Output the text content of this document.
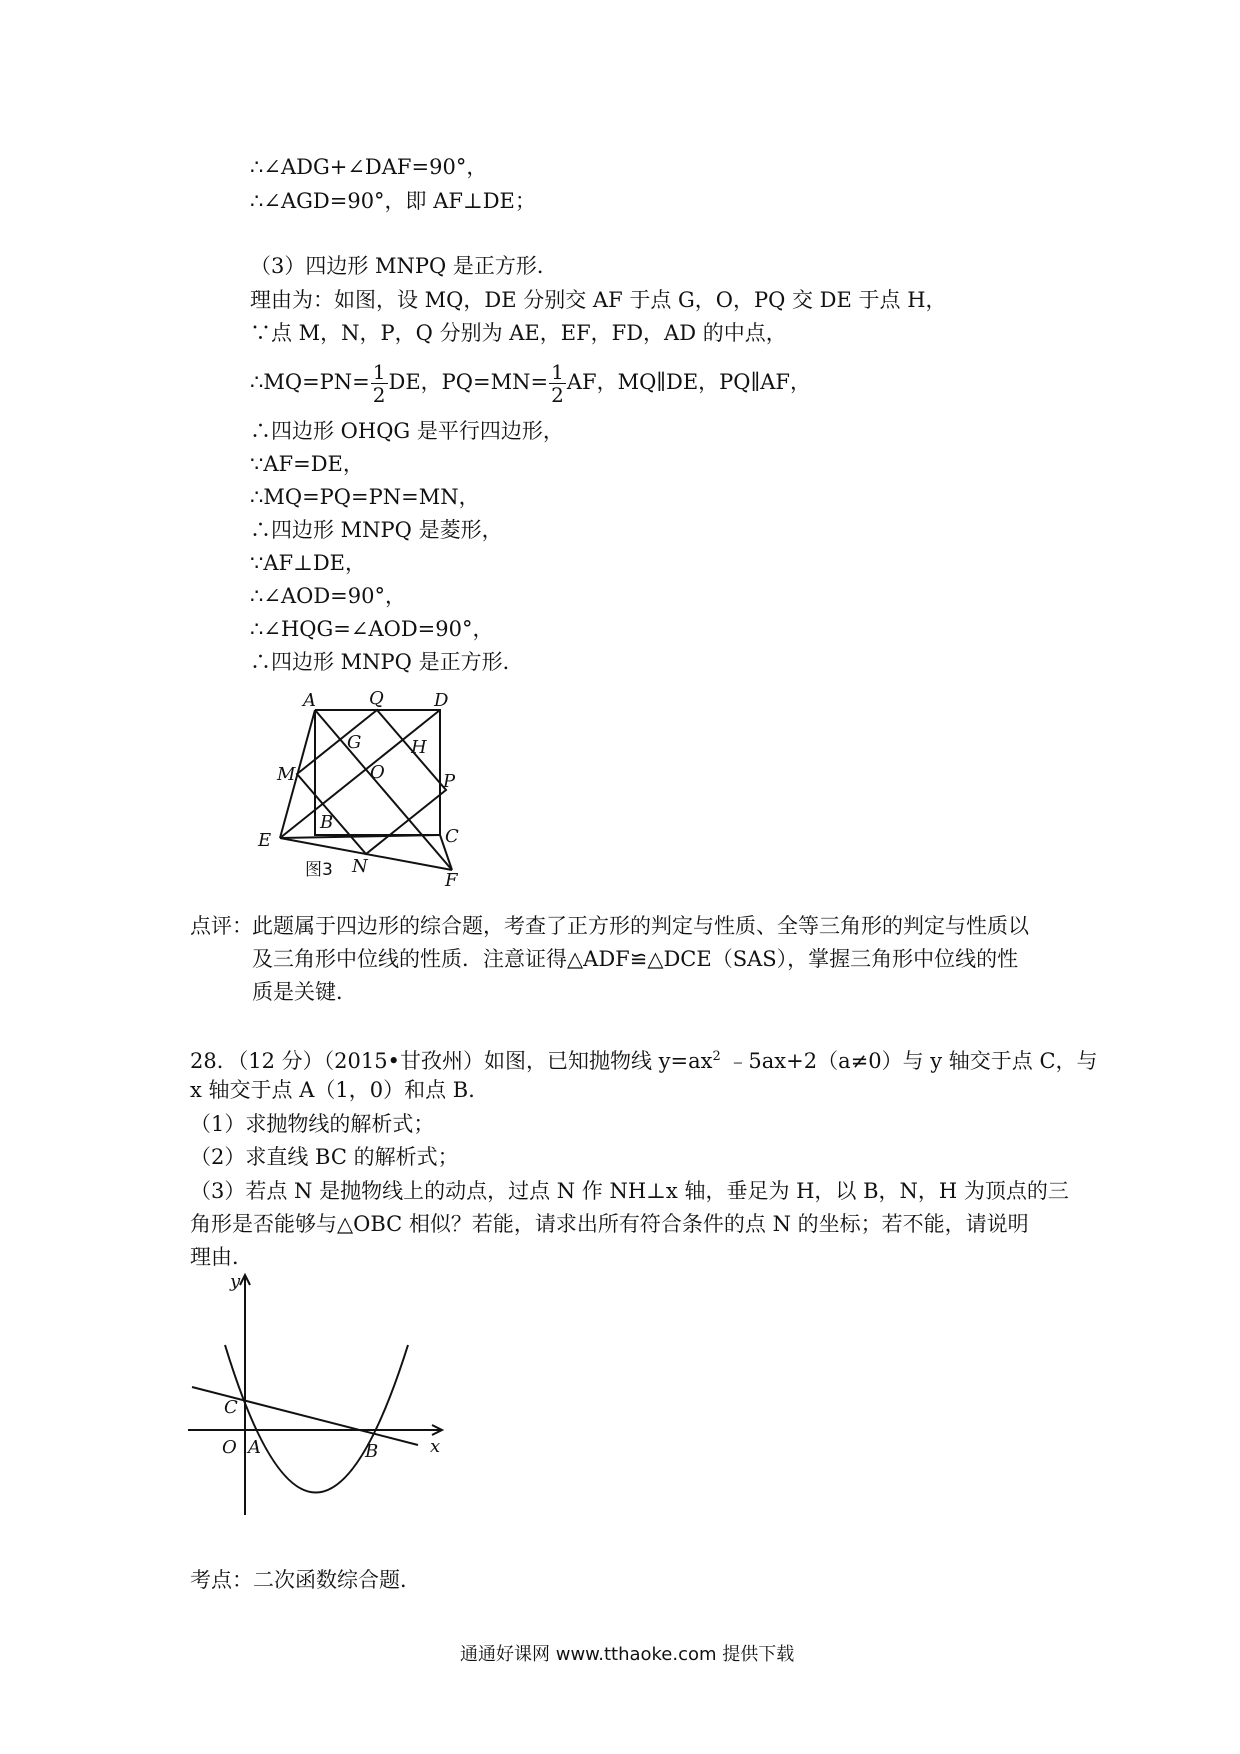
∴∠ADG+∠DAF=90°，
∴∠AGD=90°，即 AF⊥DE；
（3）四边形 MNPQ 是正方形．
理由为：如图，设 MQ，DE 分别交 AF 于点 G，O，PQ 交 DE 于点 H，
∵点 M，N，P，Q 分别为 AE，EF，FD，AD 的中点，
∴MQ=PN= $\frac{1}{2}$ DE，$PQ=MN= \frac{1}{2}$ AF，MQ∥DE，PQ∥AF，
∴四边形 OHQG 是平行四边形，
∵AF=DE，
∴MQ=PQ=PN=MN，
∴四边形 MNPQ 是菱形，
∵AF⊥DE，
∴∠AOD=90°，
∴∠HQG=∠AOD=90°，
∴四边形 MNPQ 是正方形．
A	Q	D
G	H
M	O	P
B
C
E
N
F
图3
点评： 此题属于四边形的综合题，考查了正方形的判定与性质、全等三角形的判定与性质以
及三角形中位线的性质．注意证得△ADF≌△DCE（SAS），掌握三角形中位线的性
质是关键．
28．（12 分）（2015•甘孜州）如图，已知抛物线 $y=ax^2$ ﹣5ax+2（a≠0）与 y 轴交于点 C，与
x 轴交于点 A（1，0）和点 B．
（1）求抛物线的解析式；
（2）求直线 BC 的解析式；
（3）若点 N 是抛物线上的动点，过点 N 作 NH⊥x 轴，垂足为 H，以 B，N，H 为顶点的三
角形是否能够与△OBC 相似？若能，请求出所有符合条件的点 N 的坐标；若不能，请说明
理由．
y
x
C
O A	B
考点：二次函数综合题．
通通好课网 www.tthaoke.com 提供下载
